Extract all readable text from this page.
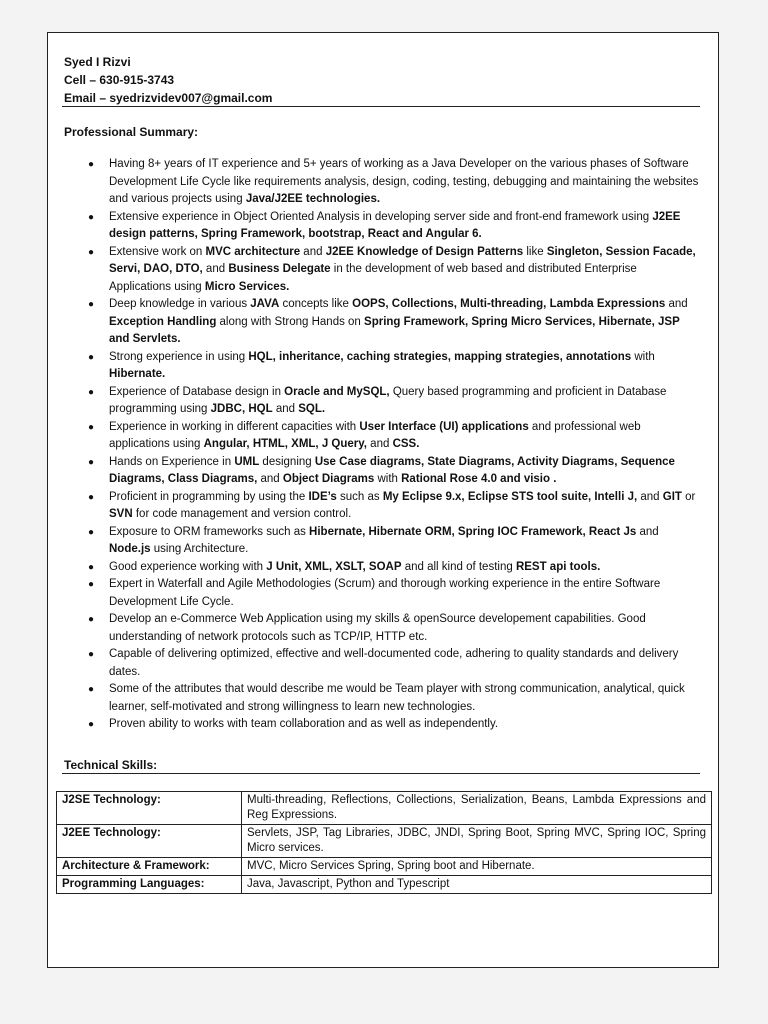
Syed I Rizvi
Cell – 630-915-3743
Email – syedrizvidev007@gmail.com
Professional Summary:
● Having 8+ years of IT experience and 5+ years of working as a Java Developer on the various phases of Software Development Life Cycle like requirements analysis, design, coding, testing, debugging and maintaining the websites and various projects using Java/J2EE technologies.
● Extensive experience in Object Oriented Analysis in developing server side and front-end framework using J2EE design patterns, Spring Framework, bootstrap, React and Angular 6.
● Extensive work on MVC architecture and J2EE Knowledge of Design Patterns like Singleton, Session Facade, Servi, DAO, DTO, and Business Delegate in the development of web based and distributed Enterprise Applications using Micro Services.
● Deep knowledge in various JAVA concepts like OOPS, Collections, Multi-threading, Lambda Expressions and Exception Handling along with Strong Hands on Spring Framework, Spring Micro Services, Hibernate, JSP and Servlets.
● Strong experience in using HQL, inheritance, caching strategies, mapping strategies, annotations with Hibernate.
● Experience of Database design in Oracle and MySQL, Query based programming and proficient in Database programming using JDBC, HQL and SQL.
● Experience in working in different capacities with User Interface (UI) applications and professional web applications using Angular, HTML, XML, J Query, and CSS.
● Hands on Experience in UML designing Use Case diagrams, State Diagrams, Activity Diagrams, Sequence Diagrams, Class Diagrams, and Object Diagrams with Rational Rose 4.0 and visio .
● Proficient in programming by using the IDE’s such as My Eclipse 9.x, Eclipse STS tool suite, Intelli J, and GIT or SVN for code management and version control.
● Exposure to ORM frameworks such as Hibernate, Hibernate ORM, Spring IOC Framework, React Js and Node.js using Architecture.
● Good experience working with J Unit, XML, XSLT, SOAP and all kind of testing REST api tools.
● Expert in Waterfall and Agile Methodologies (Scrum) and thorough working experience in the entire Software Development Life Cycle.
● Develop an e-Commerce Web Application using my skills & openSource developement capabilities. Good understanding of network protocols such as TCP/IP, HTTP etc.
● Capable of delivering optimized, effective and well-documented code, adhering to quality standards and delivery dates.
● Some of the attributes that would describe me would be Team player with strong communication, analytical, quick learner, self-motivated and strong willingness to learn new technologies.
● Proven ability to works with team collaboration and as well as independently.
Technical Skills:
J2SE Technology:	Multi-threading, Reflections, Collections, Serialization, Beans, Lambda Expressions and Reg Expressions.
J2EE Technology:	Servlets, JSP, Tag Libraries, JDBC, JNDI, Spring Boot, Spring MVC, Spring IOC, Spring Micro services.
Architecture & Framework:	MVC, Micro Services Spring, Spring boot and Hibernate.
Programming Languages:	Java, Javascript, Python and Typescript
